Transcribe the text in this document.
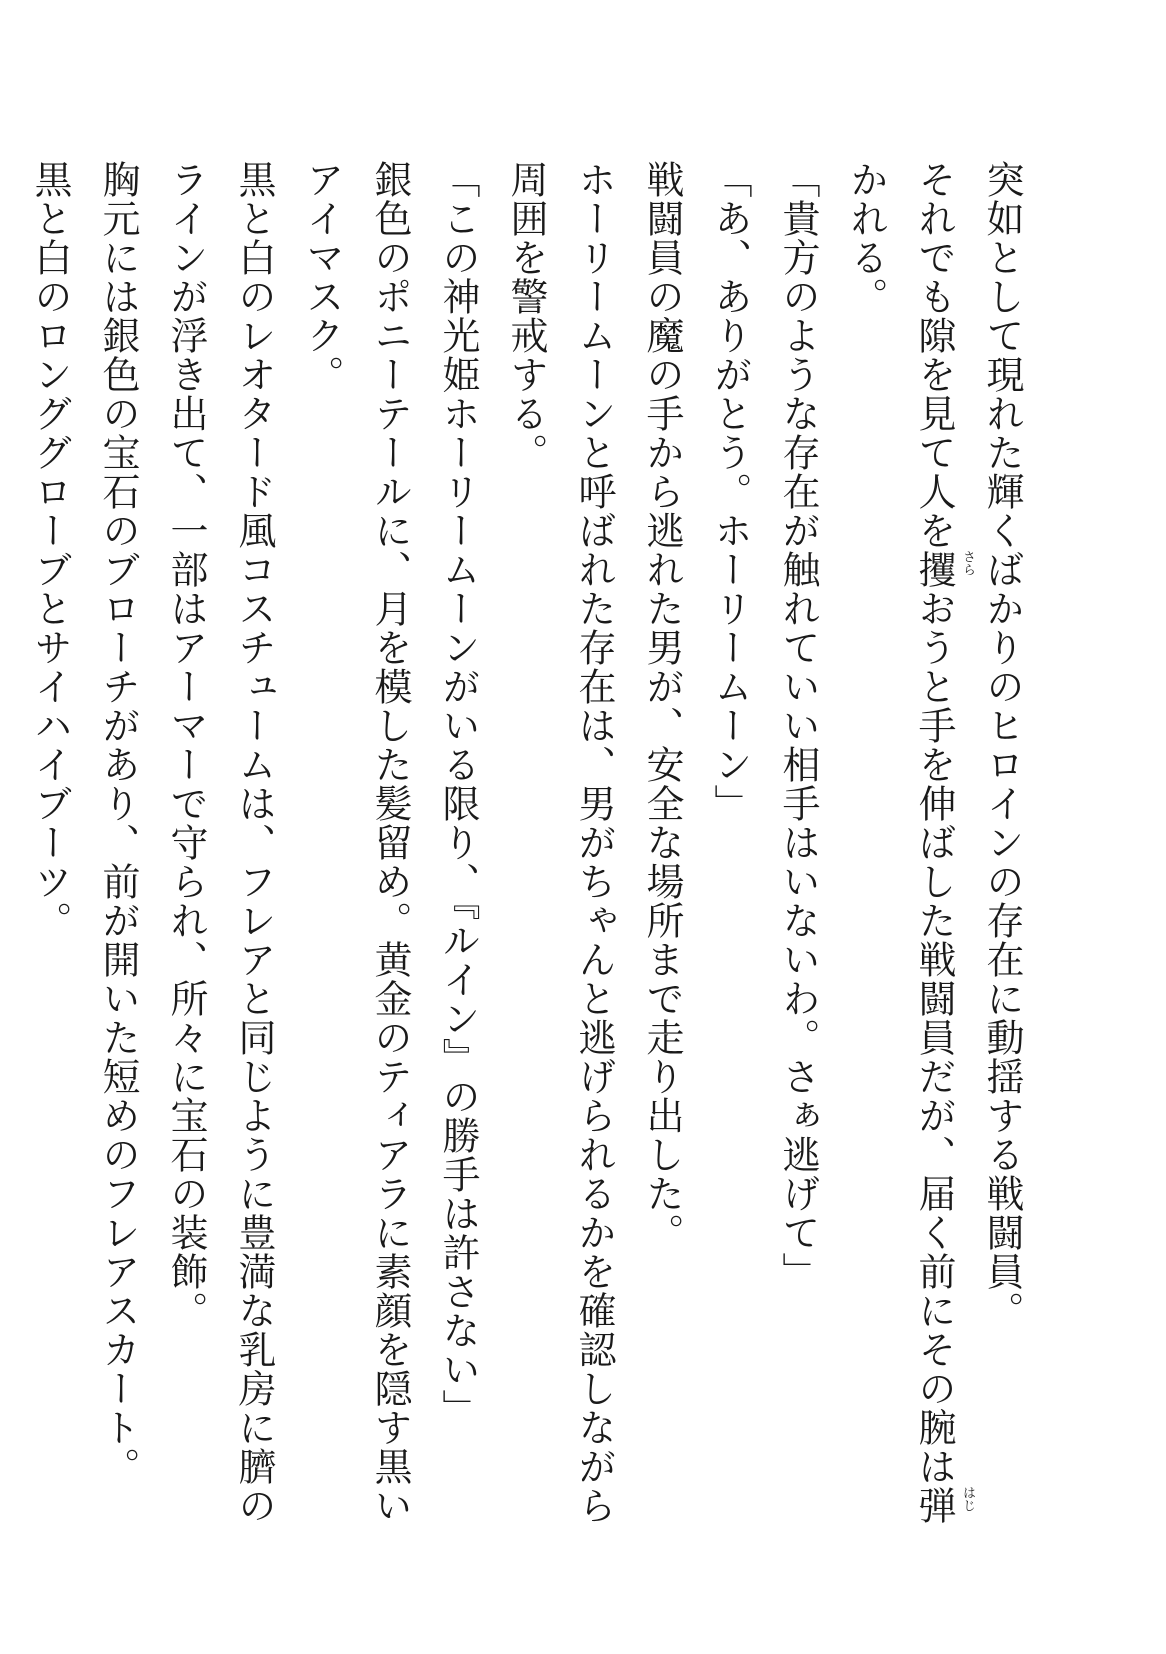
突如として現れた輝くばかりのヒロインの存在に動揺する戦闘員。
それでも隙を見て人をさら 攫おうと手を伸ばした戦闘員だが、届く前にその腕ははじ 弾
かれる。
「貴方のような存在が触れていい相手はいないわ。さぁ逃げて」
「あ、ありがとう。ホーリームーン」
戦闘員の魔の手から逃れた男が、安全な場所まで走り出した。
ホーリームーンと呼ばれた存在は、男がちゃんと逃げられるかを確認しながら
周囲を警戒する。
「この神光姫ホーリームーンがいる限り、『ルイン』の勝手は許さない」
銀色のポニーテールに、月を模した髪留め。黄金のティアラに素顔を隠す黒い
アイマスク。
黒と白のレオタード風コスチュームは、フレアと同じように豊満な乳房に臍の
ラインが浮き出て、一部はアーマーで守られ、所々に宝石の装飾。
胸元には銀色の宝石のブローチがあり、前が開いた短めのフレアスカート。
黒と白のロンググローブとサイハイブーツ。
